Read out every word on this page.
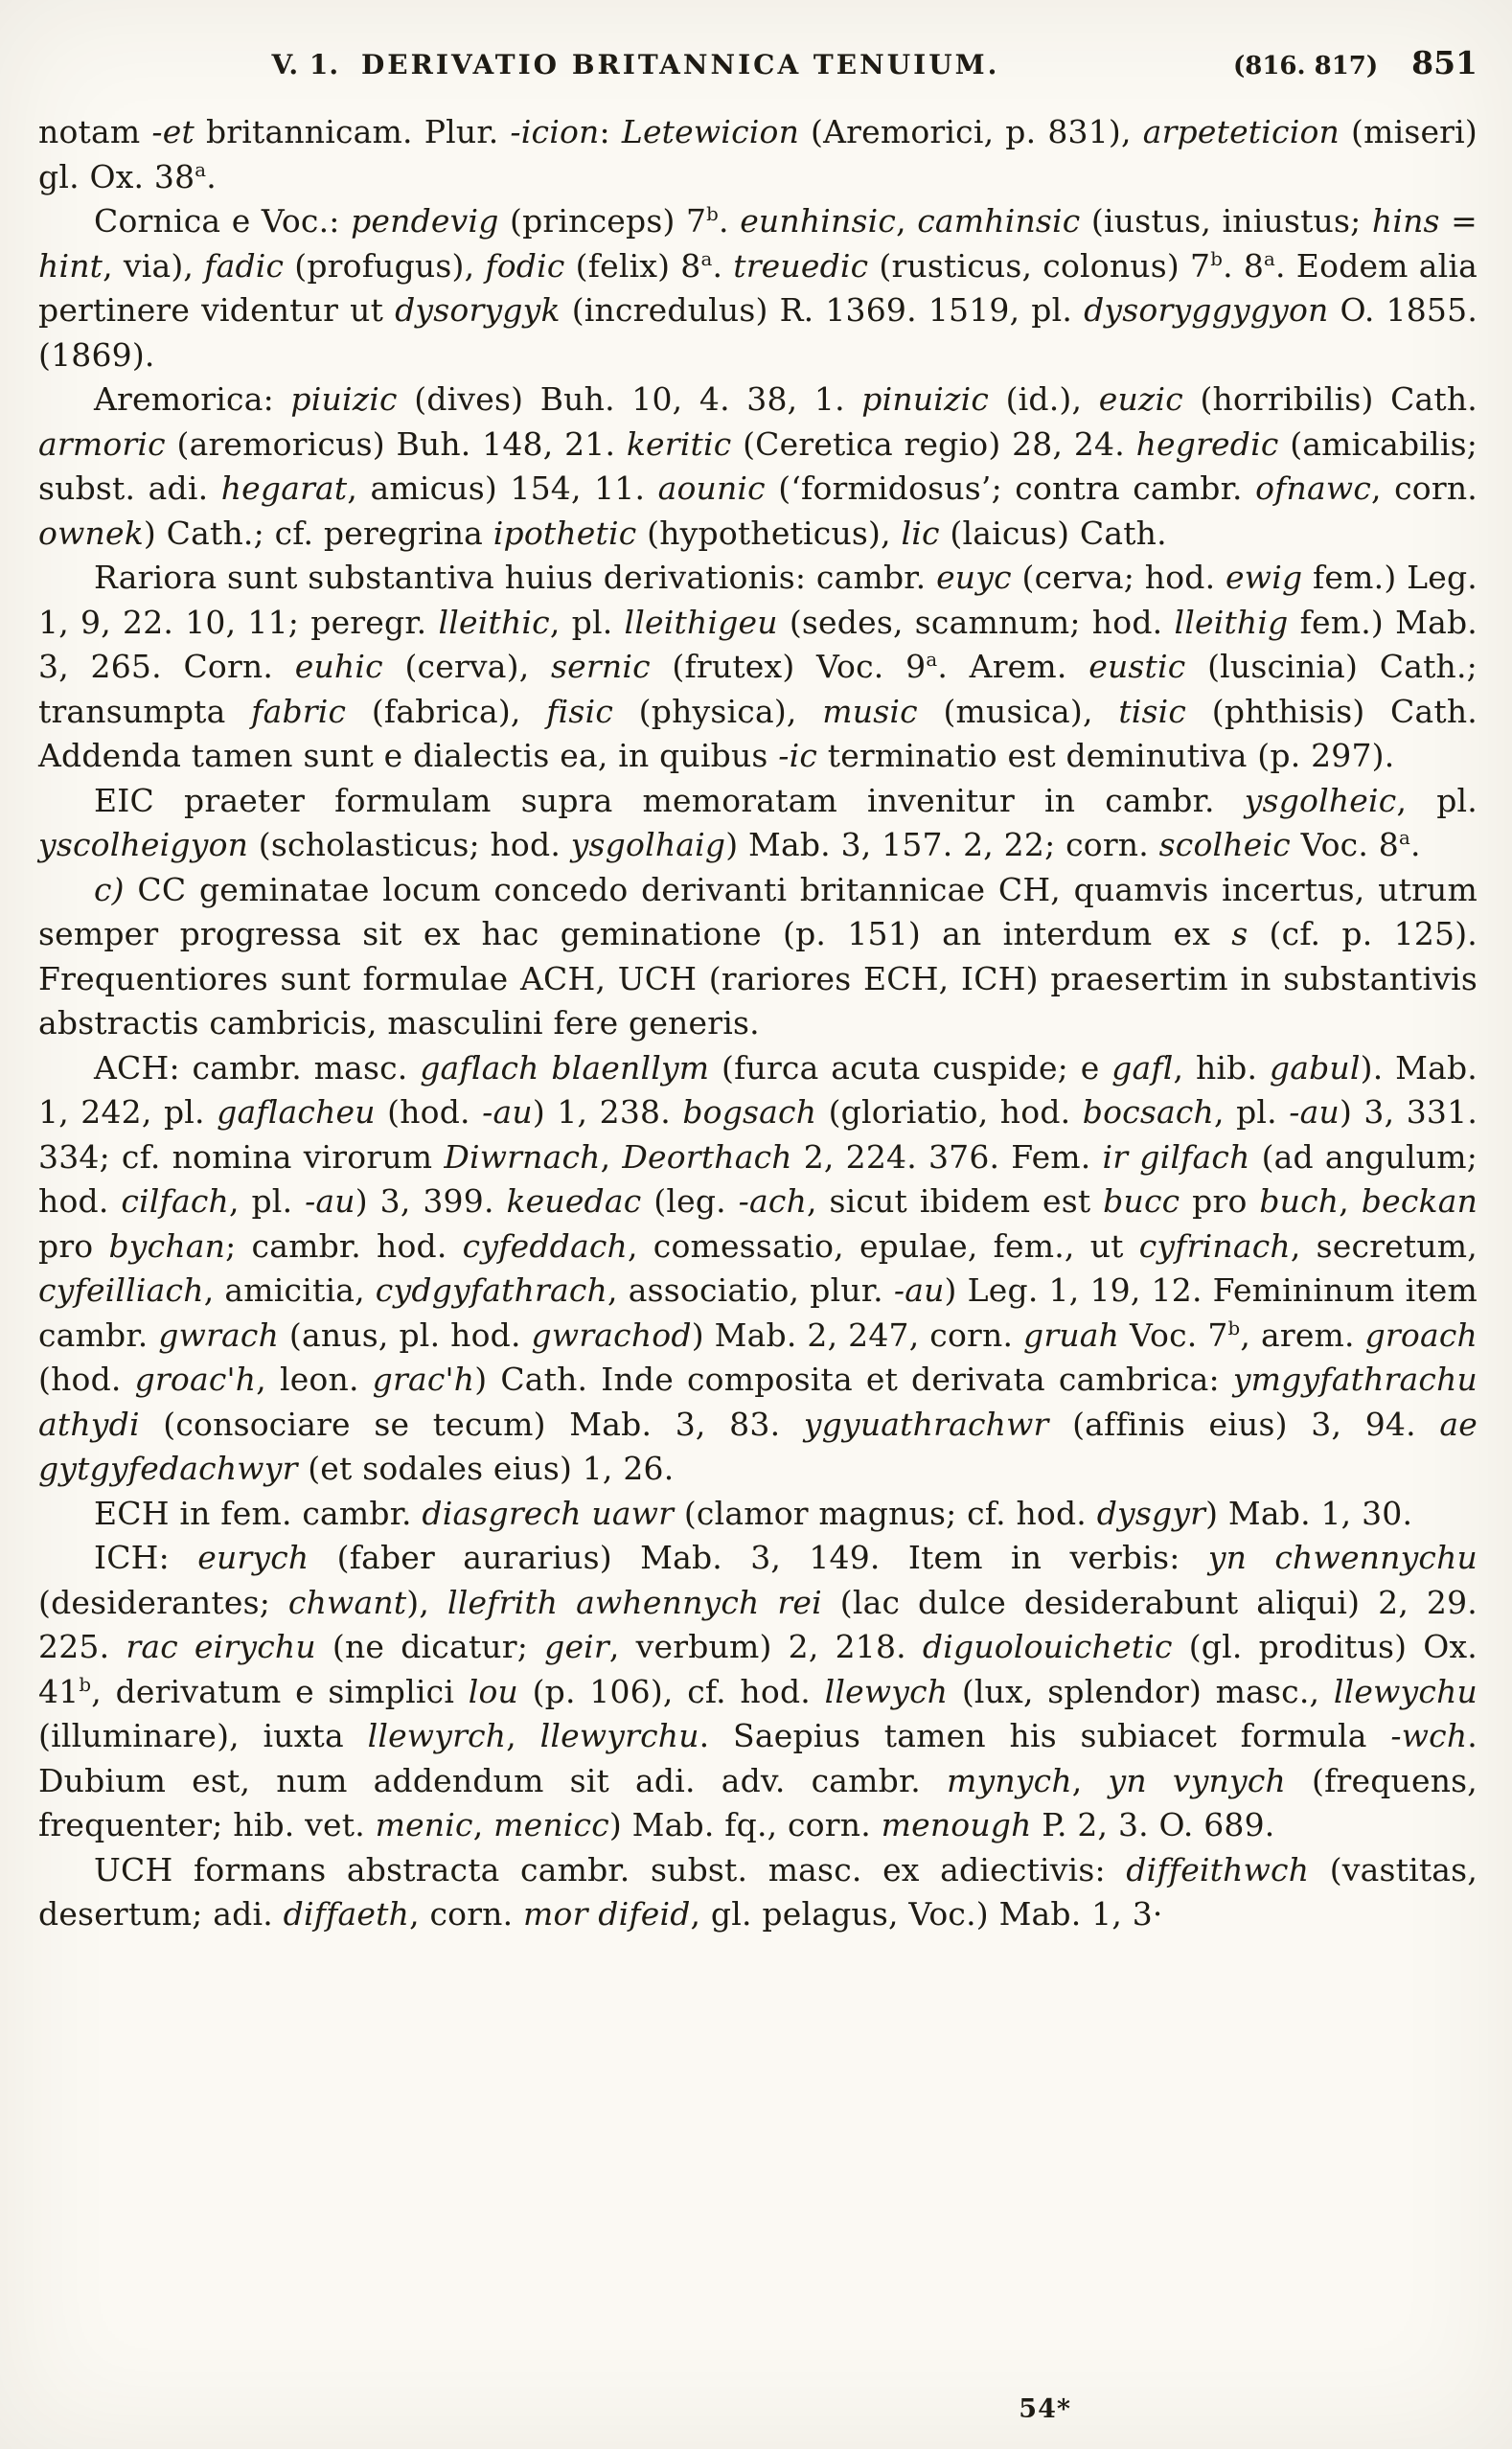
V. 1. DERIVATIO BRITANNICA TENUIUM.	(816. 817) 851

notam -et britannicam. Plur. -icion: Letewicion (Aremorici, p. 831), arpeteticion (miseri) gl. Ox. 38$^a$.

Cornica e Voc.: pendevig (princeps) 7$^b$. eunhinsic, camhinsic (iustus, iniustus; hins = hint, via), fadic (profugus), fodic (felix) 8$^a$. treuedic (rusticus, colonus) 7$^b$. 8$^a$. Eodem alia pertinere videntur ut dysorygyk (incredulus) R. 1369. 1519, pl. dysoryggygyon O. 1855. (1869).

Aremorica: piuizic (dives) Buh. 10, 4. 38, 1. pinuizic (id.), euzic (horribilis) Cath. armoric (aremoricus) Buh. 148, 21. keritic (Ceretica regio) 28, 24. hegredic (amicabilis; subst. adi. hegarat, amicus) 154, 11. aounic (‘formidosus’; contra cambr. ofnawc, corn. ownek) Cath.; cf. peregrina ipothetic (hypotheticus), lic (laicus) Cath.

Rariora sunt substantiva huius derivationis: cambr. euyc (cerva; hod. ewig fem.) Leg. 1, 9, 22. 10, 11; peregr. lleithic, pl. lleithigeu (sedes, scamnum; hod. lleithig fem.) Mab. 3, 265. Corn. euhic (cerva), sernic (frutex) Voc. 9$^a$. Arem. eustic (luscinia) Cath.; transumpta fabric (fabrica), fisic (physica), music (musica), tisic (phthisis) Cath. Addenda tamen sunt e dialectis ea, in quibus -ic terminatio est deminutiva (p. 297).

EIC praeter formulam supra memoratam invenitur in cambr. ysgolheic, pl. yscolheigyon (scholasticus; hod. ysgolhaig) Mab. 3, 157. 2, 22; corn. scolheic Voc. 8$^a$.

c) CC geminatae locum concedo derivanti britannicae CH, quamvis incertus, utrum semper progressa sit ex hac geminatione (p. 151) an interdum ex s (cf. p. 125). Frequentiores sunt formulae ACH, UCH (rariores ECH, ICH) praesertim in substantivis abstractis cambricis, masculini fere generis.

ACH: cambr. masc. gaflach blaenllym (furca acuta cuspide; e gafl, hib. gabul). Mab. 1, 242, pl. gaflacheu (hod. -au) 1, 238. bogsach (gloriatio, hod. bocsach, pl. -au) 3, 331. 334; cf. nomina virorum Diwrnach, Deorthach 2, 224. 376. Fem. ir gilfach (ad angulum; hod. cilfach, pl. -au) 3, 399. keuedac (leg. -ach, sicut ibidem est bucc pro buch, beckan pro bychan; cambr. hod. cyfeddach, comessatio, epulae, fem., ut cyfrinach, secretum, cyfeilliach, amicitia, cydgyfathrach, associatio, plur. -au) Leg. 1, 19, 12. Femininum item cambr. gwrach (anus, pl. hod. gwrachod) Mab. 2, 247, corn. gruah Voc. 7$^b$, arem. groach (hod. groac'h, leon. grac'h) Cath. Inde composita et derivata cambrica: ymgyfathrachu athydi (consociare se tecum) Mab. 3, 83. ygyuathrachwr (affinis eius) 3, 94. ae gytgyfedachwyr (et sodales eius) 1, 26.

ECH in fem. cambr. diasgrech uawr (clamor magnus; cf. hod. dysgyr) Mab. 1, 30.

ICH: eurych (faber aurarius) Mab. 3, 149. Item in verbis: yn chwennychu (desiderantes; chwant), llefrith awhennych rei (lac dulce desiderabunt aliqui) 2, 29. 225. rac eirychu (ne dicatur; geir, verbum) 2, 218. diguolouichetic (gl. proditus) Ox. 41$^b$, derivatum e simplici lou (p. 106), cf. hod. llewych (lux, splendor) masc., llewychu (illuminare), iuxta llewyrch, llewyrchu. Saepius tamen his subiacet formula -wch. Dubium est, num addendum sit adi. adv. cambr. mynych, yn vynych (frequens, frequenter; hib. vet. menic, menicc) Mab. fq., corn. menough P. 2, 3. O. 689.

UCH formans abstracta cambr. subst. masc. ex adiectivis: diffeithwch (vastitas, desertum; adi. diffaeth, corn. mor difeid, gl. pelagus, Voc.) Mab. 1, 3·

54*
